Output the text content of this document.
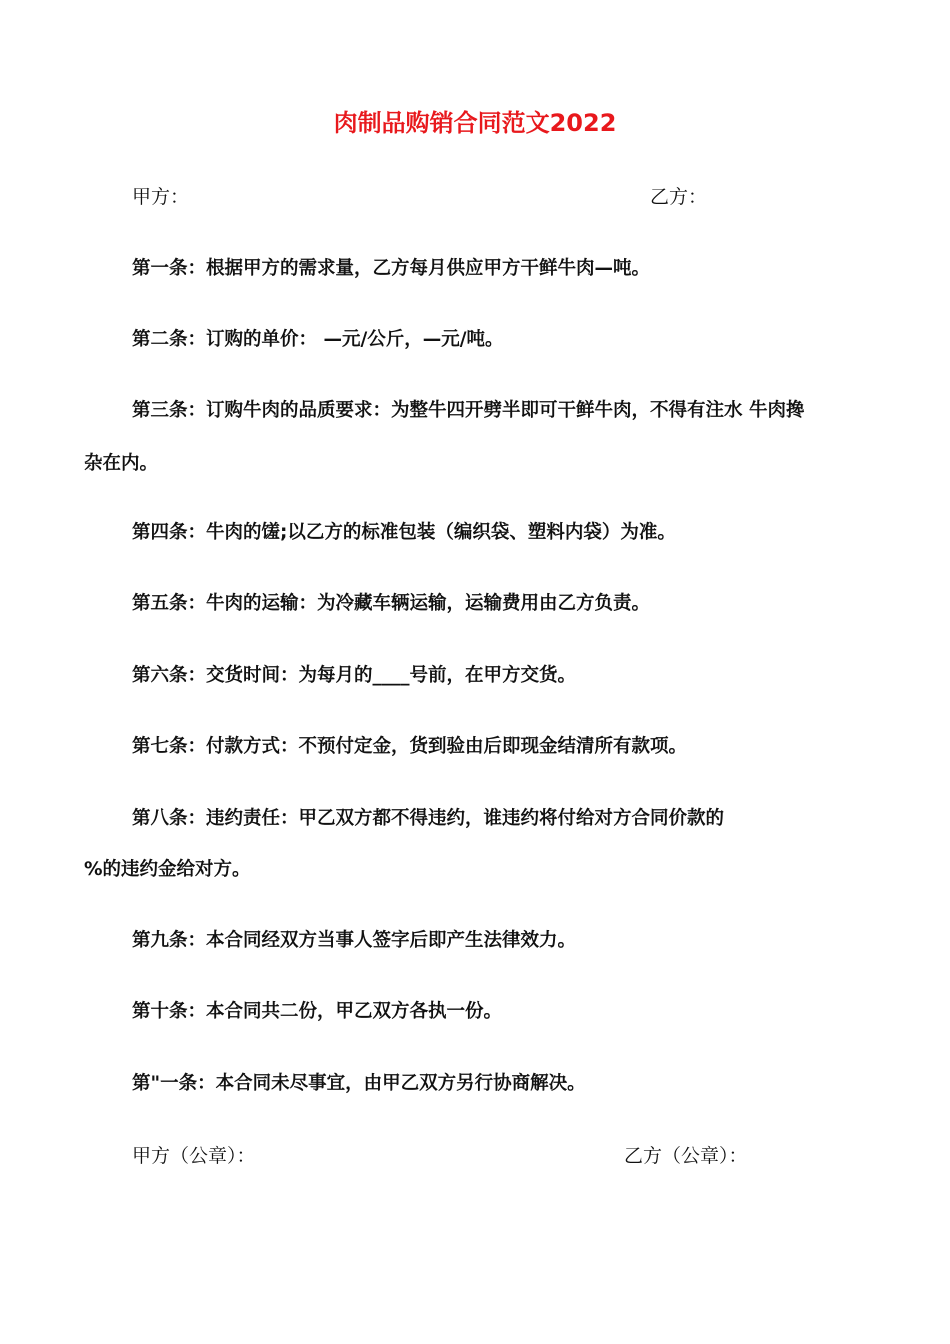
肉制品购销合同范文2022
甲方：	乙方：
第一条：根据甲方的需求量，乙方每月供应甲方干鲜牛肉—吨。
第二条：订购的单价： —元/公斤，—元/吨。
第三条：订购牛肉的品质要求：为整牛四开劈半即可干鲜牛肉，不得有注水 牛肉搀
杂在内。
第四条：牛肉的馐;以乙方的标准包装（编织袋、塑料内袋）为准。
第五条：牛肉的运输：为冷藏车辆运输，运输费用由乙方负责。
第六条：交货时间：为每月的____号前，在甲方交货。
第七条：付款方式：不预付定金，货到验由后即现金结清所有款项。
第八条：违约责任：甲乙双方都不得违约，谁违约将付给对方合同价款的
%的违约金给对方。
第九条：本合同经双方当事人签字后即产生法律效力。
第十条：本合同共二份，甲乙双方各执一份。
第"一条：本合同未尽事宜，由甲乙双方另行协商解决。
甲方（公章）：	乙方（公章）：
